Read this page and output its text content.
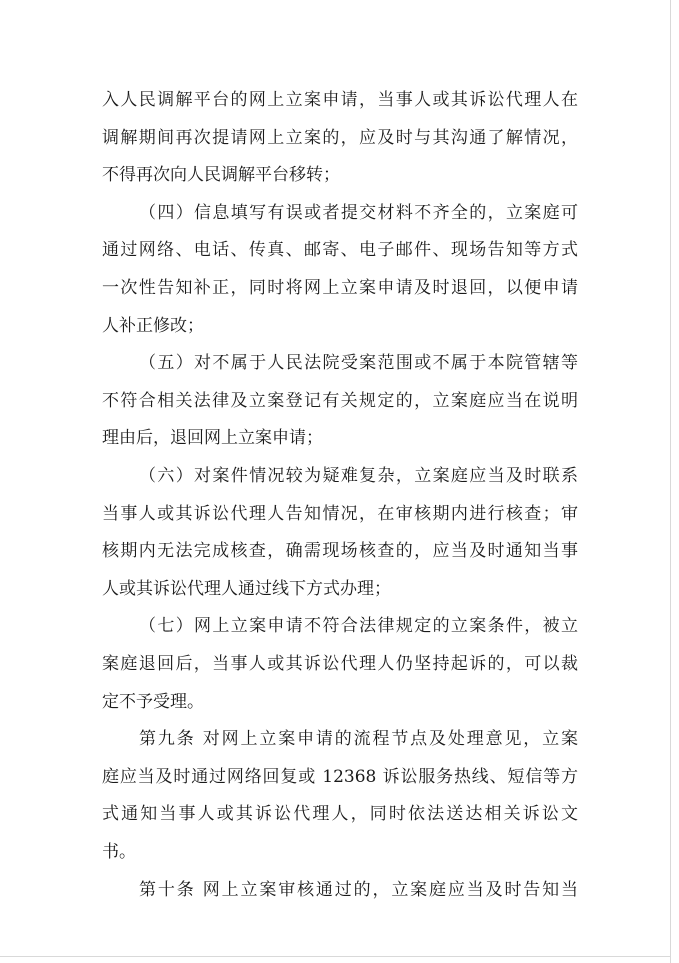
入人民调解平台的网上立案申请，当事人或其诉讼代理人在
调解期间再次提请网上立案的，应及时与其沟通了解情况，
不得再次向人民调解平台移转；
（四）信息填写有误或者提交材料不齐全的，立案庭可
通过网络、电话、传真、邮寄、电子邮件、现场告知等方式
一次性告知补正，同时将网上立案申请及时退回，以便申请
人补正修改；
（五）对不属于人民法院受案范围或不属于本院管辖等
不符合相关法律及立案登记有关规定的，立案庭应当在说明
理由后，退回网上立案申请；
（六）对案件情况较为疑难复杂，立案庭应当及时联系
当事人或其诉讼代理人告知情况，在审核期内进行核查；审
核期内无法完成核查，确需现场核查的，应当及时通知当事
人或其诉讼代理人通过线下方式办理；
（七）网上立案申请不符合法律规定的立案条件，被立
案庭退回后，当事人或其诉讼代理人仍坚持起诉的，可以裁
定不予受理。
第九条 对网上立案申请的流程节点及处理意见，立案
庭应当及时通过网络回复或 12368 诉讼服务热线、短信等方
式通知当事人或其诉讼代理人，同时依法送达相关诉讼文
书。
第十条 网上立案审核通过的，立案庭应当及时告知当
